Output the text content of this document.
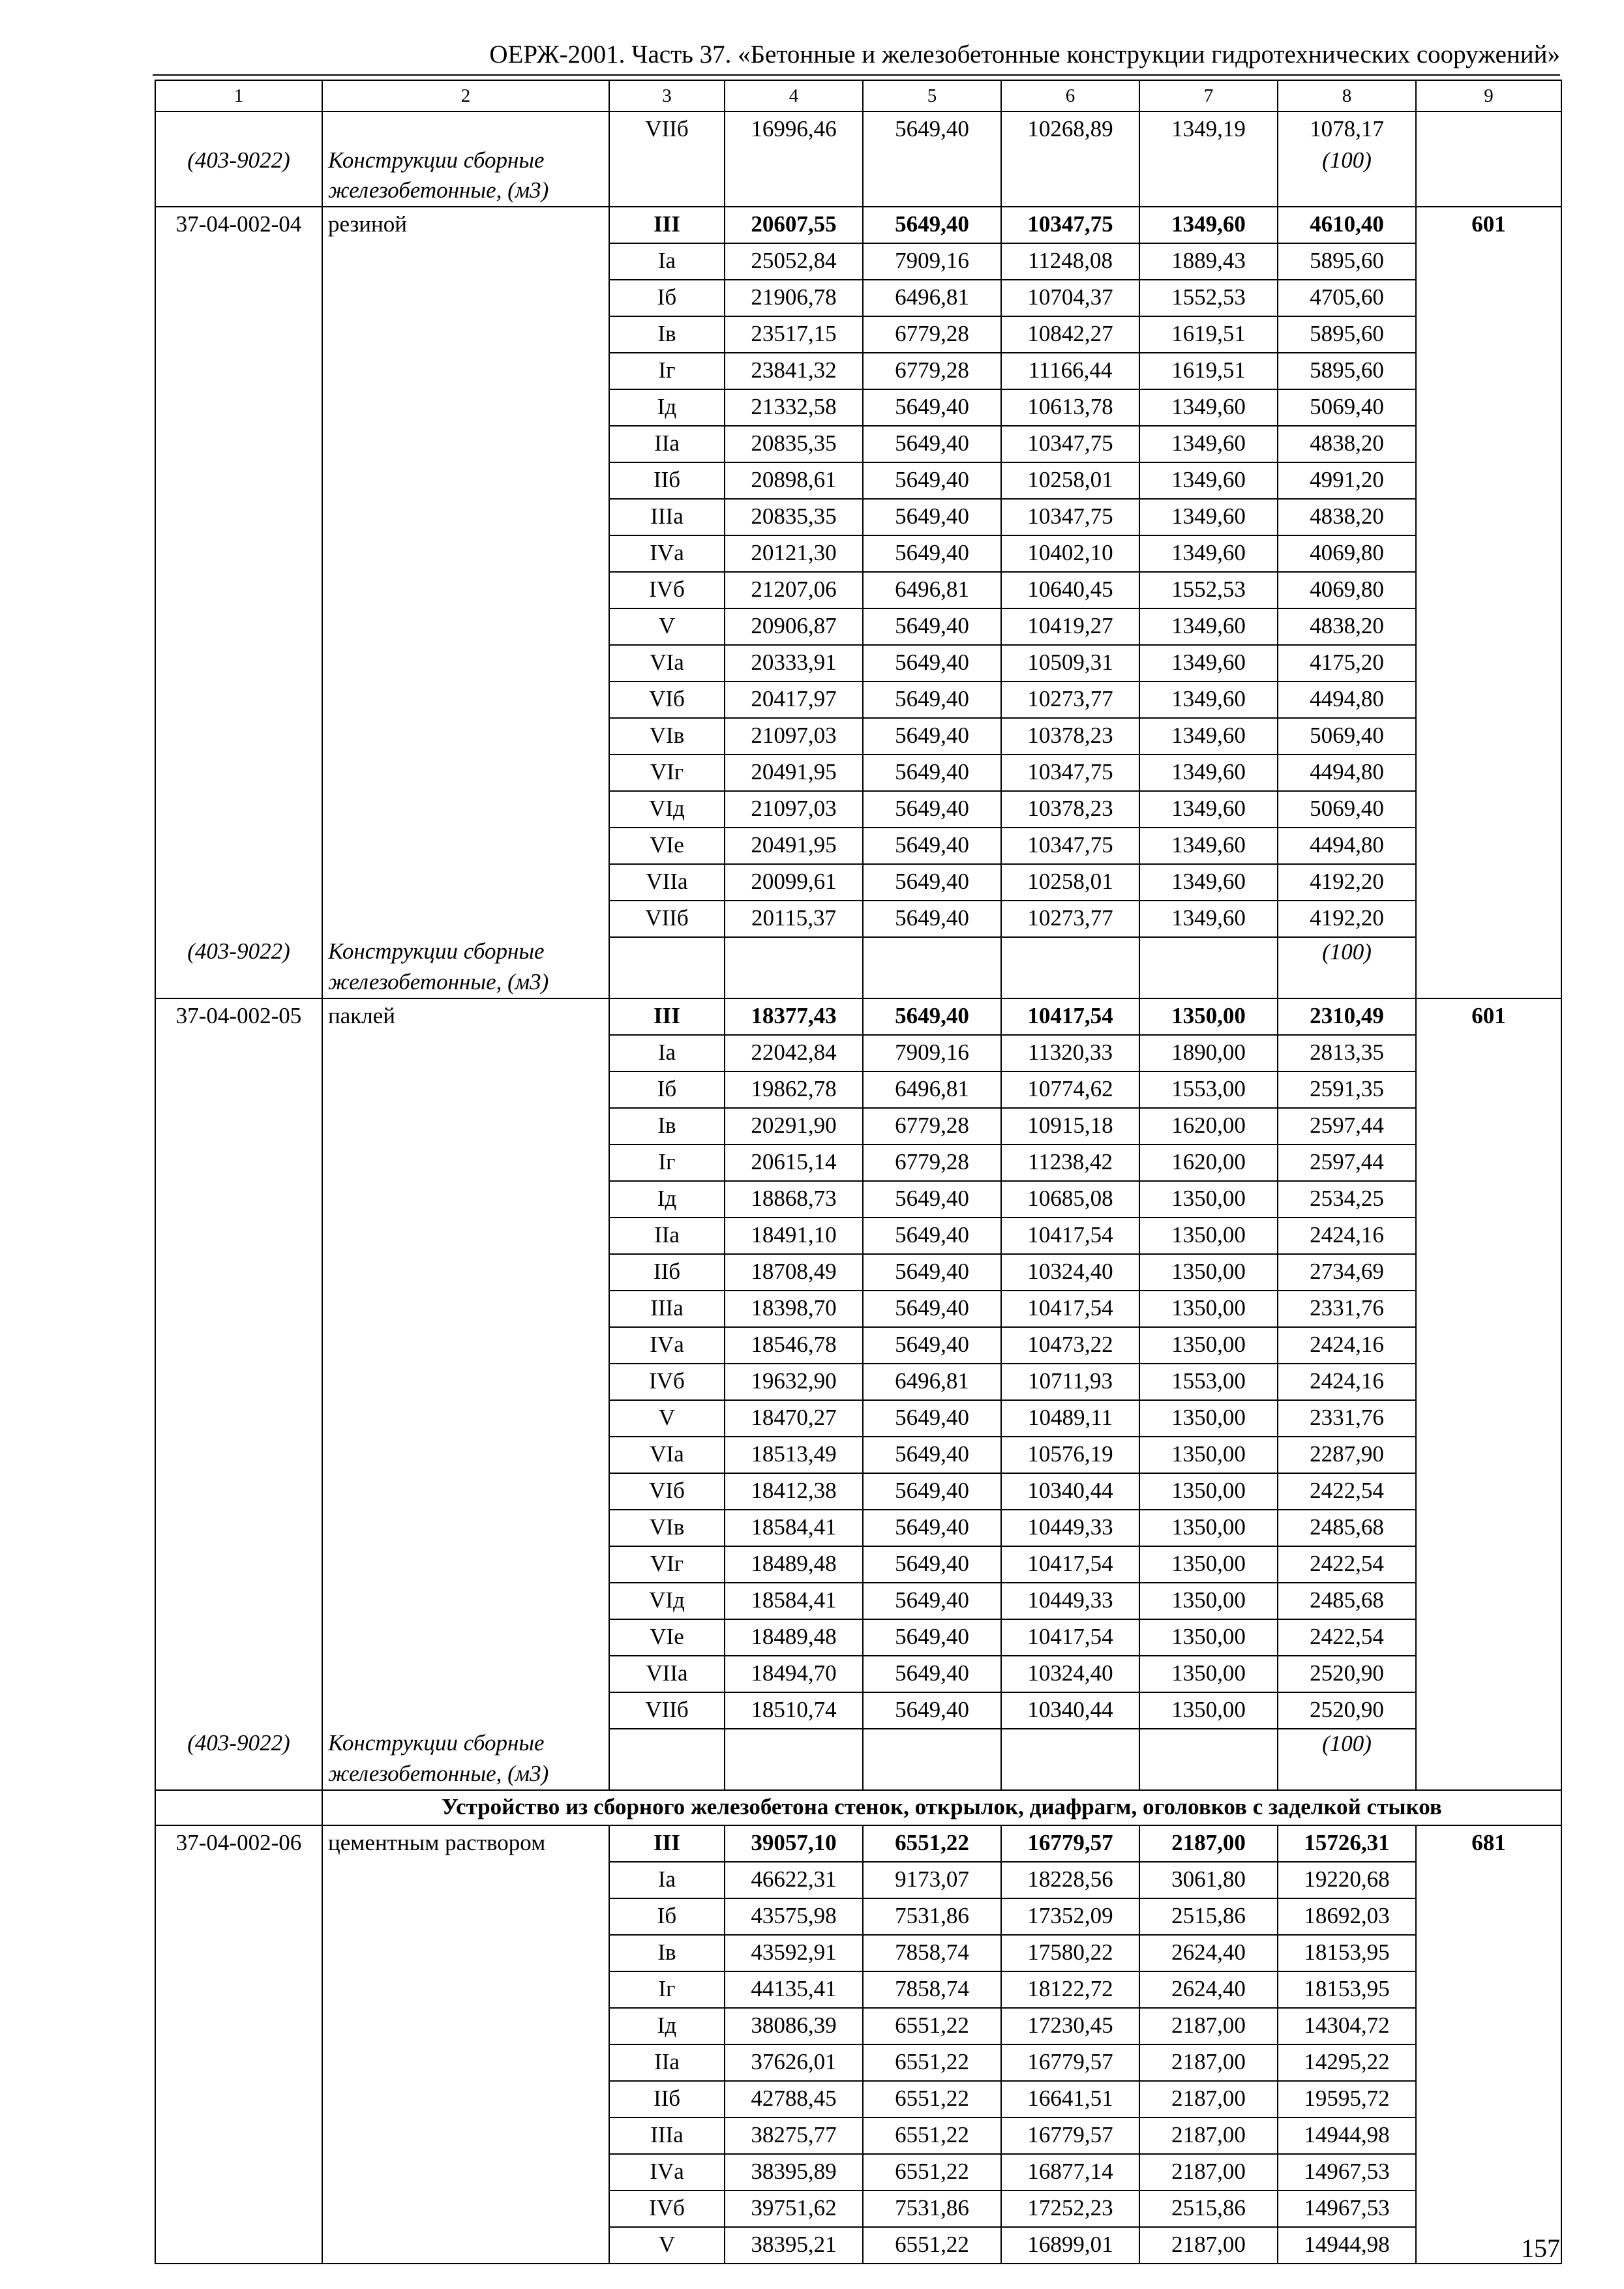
ОЕРЖ-2001. Часть 37. «Бетонные и железобетонные конструкции гидротехнических сооружений»
1	2	3	4	5	6	7	8	9
		VIIб	16996,46	5649,40	10268,89	1349,19	1078,17	
(403-9022)	Конструкции сборные						(100)	
	железобетонные, (м3)							
37-04-002-04	резиной	III	20607,55	5649,40	10347,75	1349,60	4610,40	601
		Iа	25052,84	7909,16	11248,08	1889,43	5895,60	
		Iб	21906,78	6496,81	10704,37	1552,53	4705,60	
		Iв	23517,15	6779,28	10842,27	1619,51	5895,60	
		Iг	23841,32	6779,28	11166,44	1619,51	5895,60	
		Iд	21332,58	5649,40	10613,78	1349,60	5069,40	
		IIа	20835,35	5649,40	10347,75	1349,60	4838,20	
		IIб	20898,61	5649,40	10258,01	1349,60	4991,20	
		IIIа	20835,35	5649,40	10347,75	1349,60	4838,20	
		IVа	20121,30	5649,40	10402,10	1349,60	4069,80	
		IVб	21207,06	6496,81	10640,45	1552,53	4069,80	
		V	20906,87	5649,40	10419,27	1349,60	4838,20	
		VIа	20333,91	5649,40	10509,31	1349,60	4175,20	
		VIб	20417,97	5649,40	10273,77	1349,60	4494,80	
		VIв	21097,03	5649,40	10378,23	1349,60	5069,40	
		VIг	20491,95	5649,40	10347,75	1349,60	4494,80	
		VIд	21097,03	5649,40	10378,23	1349,60	5069,40	
		VIе	20491,95	5649,40	10347,75	1349,60	4494,80	
		VIIа	20099,61	5649,40	10258,01	1349,60	4192,20	
		VIIб	20115,37	5649,40	10273,77	1349,60	4192,20	
(403-9022)	Конструкции сборные						(100)	
	железобетонные, (м3)							
37-04-002-05	паклей	III	18377,43	5649,40	10417,54	1350,00	2310,49	601
		Iа	22042,84	7909,16	11320,33	1890,00	2813,35	
		Iб	19862,78	6496,81	10774,62	1553,00	2591,35	
		Iв	20291,90	6779,28	10915,18	1620,00	2597,44	
		Iг	20615,14	6779,28	11238,42	1620,00	2597,44	
		Iд	18868,73	5649,40	10685,08	1350,00	2534,25	
		IIа	18491,10	5649,40	10417,54	1350,00	2424,16	
		IIб	18708,49	5649,40	10324,40	1350,00	2734,69	
		IIIа	18398,70	5649,40	10417,54	1350,00	2331,76	
		IVа	18546,78	5649,40	10473,22	1350,00	2424,16	
		IVб	19632,90	6496,81	10711,93	1553,00	2424,16	
		V	18470,27	5649,40	10489,11	1350,00	2331,76	
		VIа	18513,49	5649,40	10576,19	1350,00	2287,90	
		VIб	18412,38	5649,40	10340,44	1350,00	2422,54	
		VIв	18584,41	5649,40	10449,33	1350,00	2485,68	
		VIг	18489,48	5649,40	10417,54	1350,00	2422,54	
		VIд	18584,41	5649,40	10449,33	1350,00	2485,68	
		VIе	18489,48	5649,40	10417,54	1350,00	2422,54	
		VIIа	18494,70	5649,40	10324,40	1350,00	2520,90	
		VIIб	18510,74	5649,40	10340,44	1350,00	2520,90	
(403-9022)	Конструкции сборные						(100)	
	железобетонные, (м3)							
	Устройство из сборного железобетона стенок, открылок, диафрагм, оголовков с заделкой стыков							
37-04-002-06	цементным раствором	III	39057,10	6551,22	16779,57	2187,00	15726,31	681
		Iа	46622,31	9173,07	18228,56	3061,80	19220,68	
		Iб	43575,98	7531,86	17352,09	2515,86	18692,03	
		Iв	43592,91	7858,74	17580,22	2624,40	18153,95	
		Iг	44135,41	7858,74	18122,72	2624,40	18153,95	
		Iд	38086,39	6551,22	17230,45	2187,00	14304,72	
		IIа	37626,01	6551,22	16779,57	2187,00	14295,22	
		IIб	42788,45	6551,22	16641,51	2187,00	19595,72	
		IIIа	38275,77	6551,22	16779,57	2187,00	14944,98	
		IVа	38395,89	6551,22	16877,14	2187,00	14967,53	
		IVб	39751,62	7531,86	17252,23	2515,86	14967,53	
		V	38395,21	6551,22	16899,01	2187,00	14944,98		157
